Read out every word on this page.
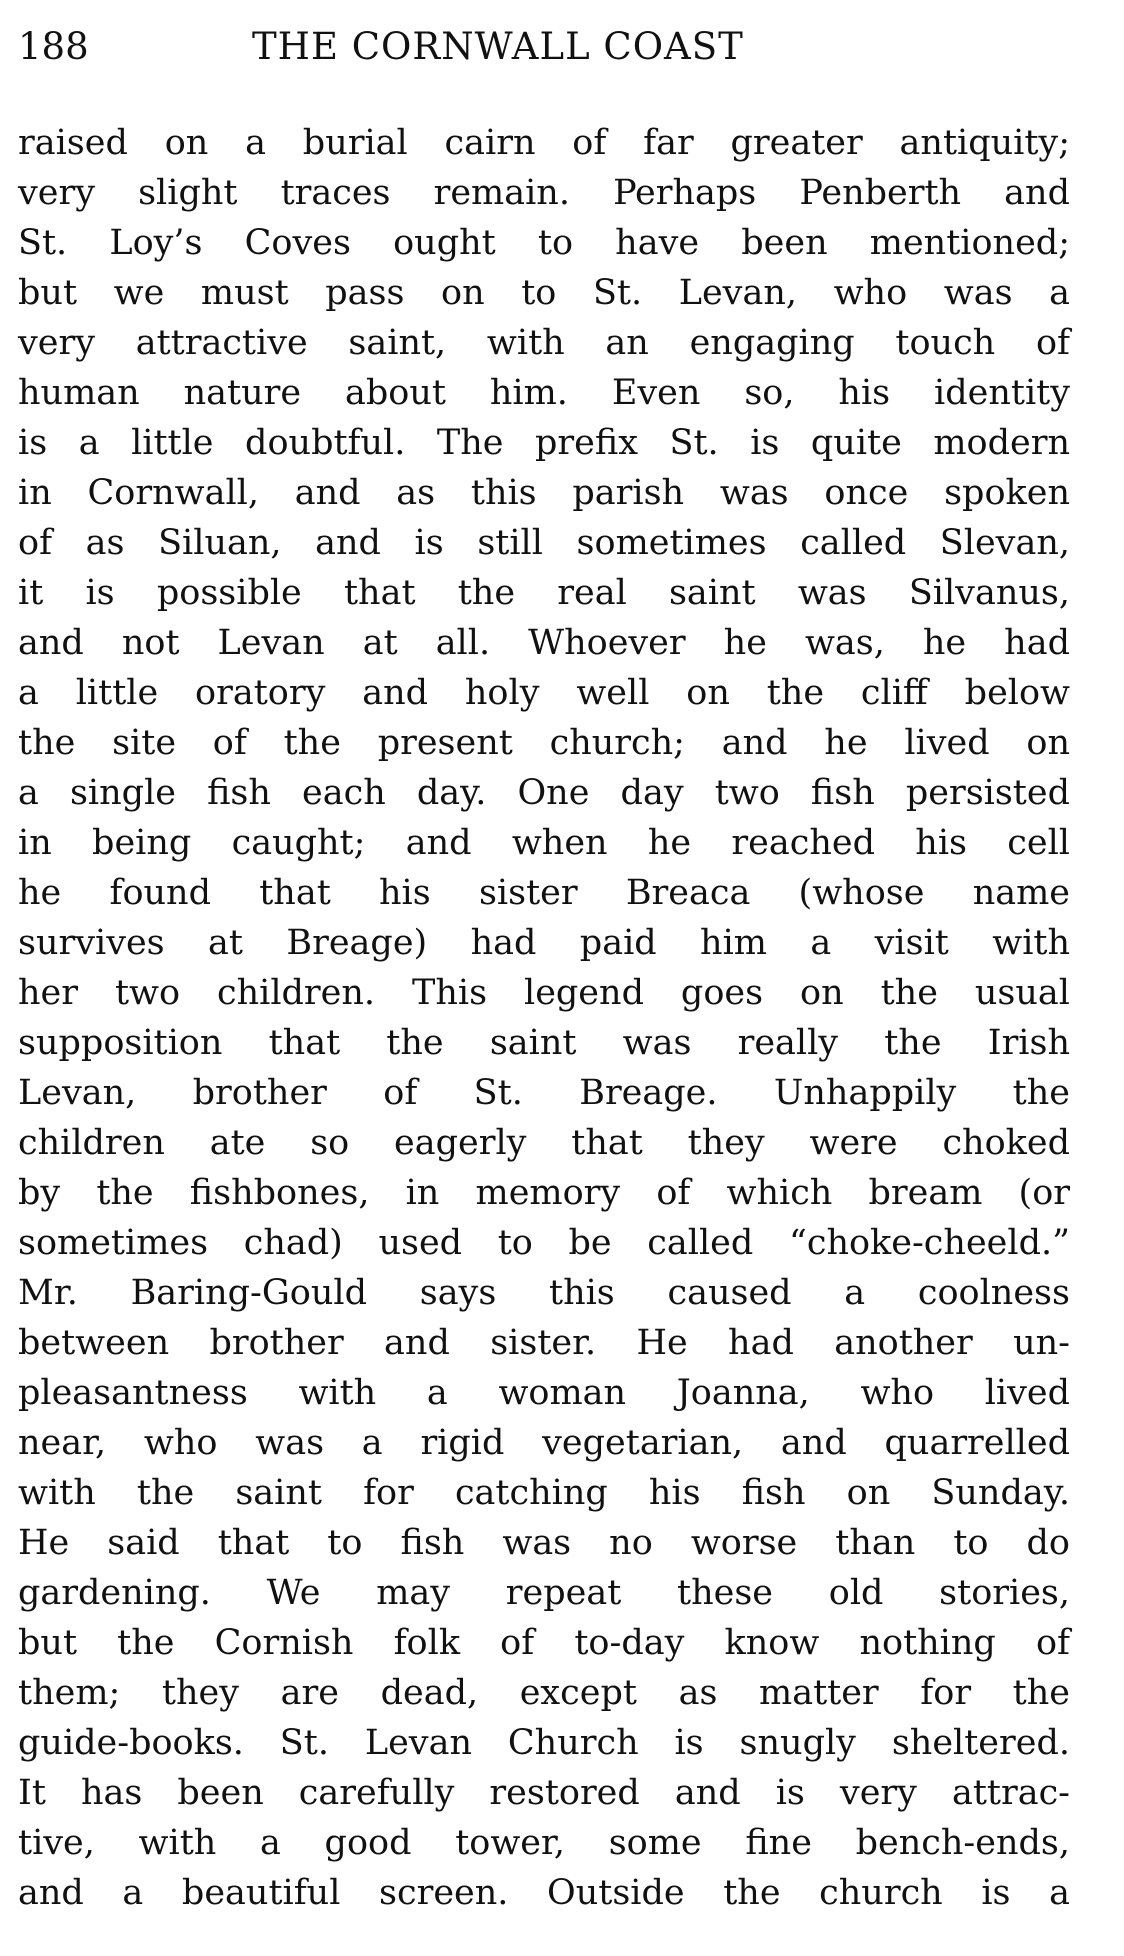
188	THE CORNWALL COAST
raised on a burial cairn of far greater antiquity;
very slight traces remain. Perhaps Penberth and
St. Loy’s Coves ought to have been mentioned;
but we must pass on to St. Levan, who was a
very attractive saint, with an engaging touch of
human nature about him. Even so, his identity
is a little doubtful. The prefix St. is quite modern
in Cornwall, and as this parish was once spoken
of as Siluan, and is still sometimes called Slevan,
it is possible that the real saint was Silvanus,
and not Levan at all. Whoever he was, he had
a little oratory and holy well on the cliff below
the site of the present church; and he lived on
a single fish each day. One day two fish persisted
in being caught; and when he reached his cell
he found that his sister Breaca (whose name
survives at Breage) had paid him a visit with
her two children. This legend goes on the usual
supposition that the saint was really the Irish
Levan, brother of St. Breage. Unhappily the
children ate so eagerly that they were choked
by the fishbones, in memory of which bream (or
sometimes chad) used to be called “choke-cheeld.”
Mr. Baring-Gould says this caused a coolness
between brother and sister. He had another un-
pleasantness with a woman Joanna, who lived
near, who was a rigid vegetarian, and quarrelled
with the saint for catching his fish on Sunday.
He said that to fish was no worse than to do
gardening. We may repeat these old stories,
but the Cornish folk of to-day know nothing of
them; they are dead, except as matter for the
guide-books. St. Levan Church is snugly sheltered.
It has been carefully restored and is very attrac-
tive, with a good tower, some fine bench-ends,
and a beautiful screen. Outside the church is a
